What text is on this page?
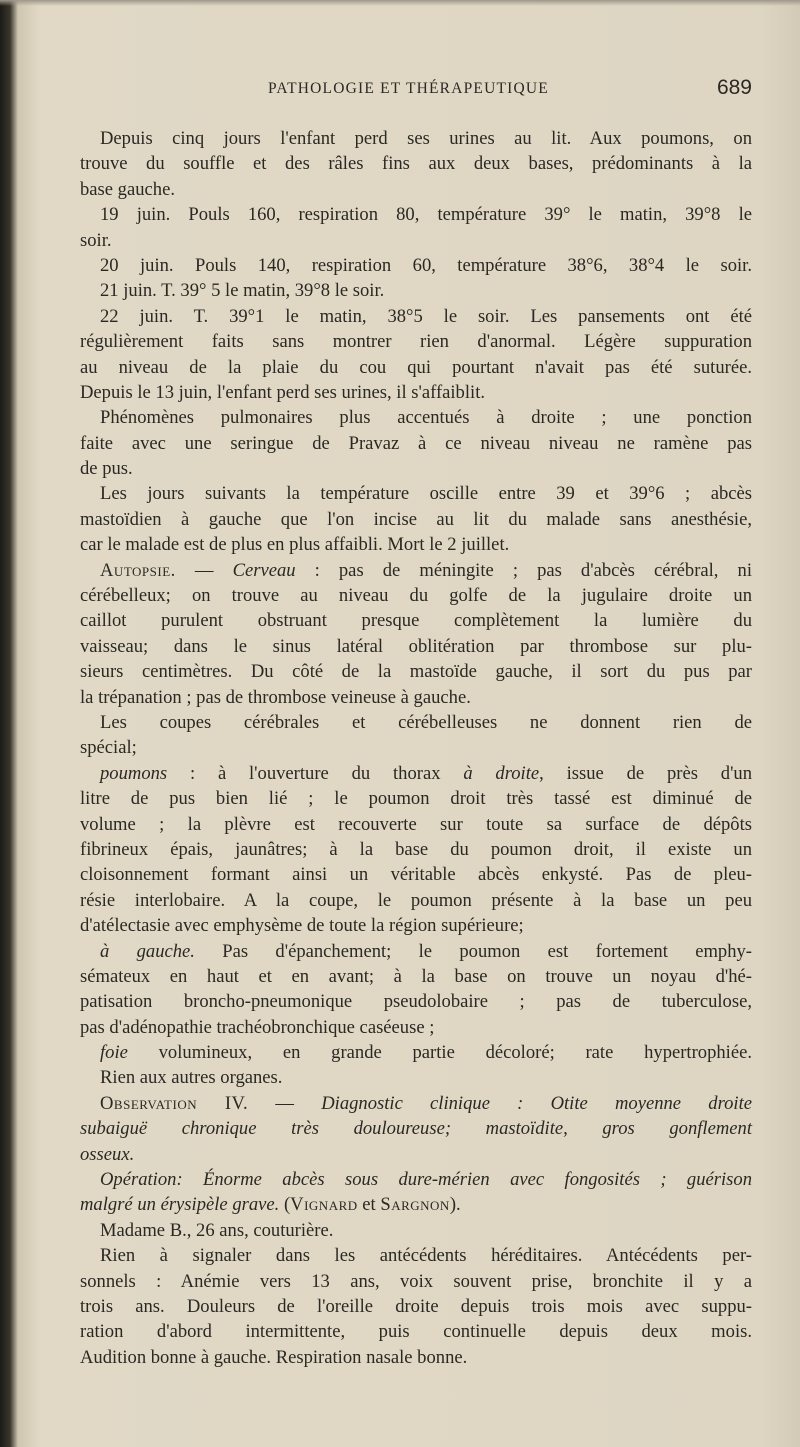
PATHOLOGIE ET THÉRAPEUTIQUE	689
Depuis cinq jours l'enfant perd ses urines au lit. Aux poumons, on
trouve du souffle et des râles fins aux deux bases, prédominants à la
base gauche.
19 juin. Pouls 160, respiration 80, température 39° le matin, 39°8 le
soir.
20 juin. Pouls 140, respiration 60, température 38°6, 38°4 le soir.
21 juin. T. 39° 5 le matin, 39°8 le soir.
22 juin. T. 39°1 le matin, 38°5 le soir. Les pansements ont été
régulièrement faits sans montrer rien d'anormal. Légère suppuration
au niveau de la plaie du cou qui pourtant n'avait pas été suturée.
Depuis le 13 juin, l'enfant perd ses urines, il s'affaiblit.
Phénomènes pulmonaires plus accentués à droite ; une ponction
faite avec une seringue de Pravaz à ce niveau niveau ne ramène pas
de pus.
Les jours suivants la température oscille entre 39 et 39°6 ; abcès
mastoïdien à gauche que l'on incise au lit du malade sans anesthésie,
car le malade est de plus en plus affaibli. Mort le 2 juillet.
Autopsie. — Cerveau : pas de méningite ; pas d'abcès cérébral, ni
cérébelleux; on trouve au niveau du golfe de la jugulaire droite un
caillot purulent obstruant presque complètement la lumière du
vaisseau; dans le sinus latéral oblitération par thrombose sur plu-
sieurs centimètres. Du côté de la mastoïde gauche, il sort du pus par
la trépanation ; pas de thrombose veineuse à gauche.
Les coupes cérébrales et cérébelleuses ne donnent rien de
spécial;
poumons : à l'ouverture du thorax à droite, issue de près d'un
litre de pus bien lié ; le poumon droit très tassé est diminué de
volume ; la plèvre est recouverte sur toute sa surface de dépôts
fibrineux épais, jaunâtres; à la base du poumon droit, il existe un
cloisonnement formant ainsi un véritable abcès enkysté. Pas de pleu-
résie interlobaire. A la coupe, le poumon présente à la base un peu
d'atélectasie avec emphysème de toute la région supérieure;
à gauche. Pas d'épanchement; le poumon est fortement emphy-
sémateux en haut et en avant; à la base on trouve un noyau d'hé-
patisation broncho-pneumonique pseudolobaire ; pas de tuberculose,
pas d'adénopathie trachéobronchique caséeuse ;
foie volumineux, en grande partie décoloré; rate hypertrophiée.
Rien aux autres organes.
Observation IV. — Diagnostic clinique : Otite moyenne droite
subaiguë chronique très douloureuse; mastoïdite, gros gonflement
osseux.
Opération: Énorme abcès sous dure-mérien avec fongosités ; guérison
malgré un érysipèle grave. (Vignard et Sargnon).
Madame B., 26 ans, couturière.
Rien à signaler dans les antécédents héréditaires. Antécédents per-
sonnels : Anémie vers 13 ans, voix souvent prise, bronchite il y a
trois ans. Douleurs de l'oreille droite depuis trois mois avec suppu-
ration d'abord intermittente, puis continuelle depuis deux mois.
Audition bonne à gauche. Respiration nasale bonne.
